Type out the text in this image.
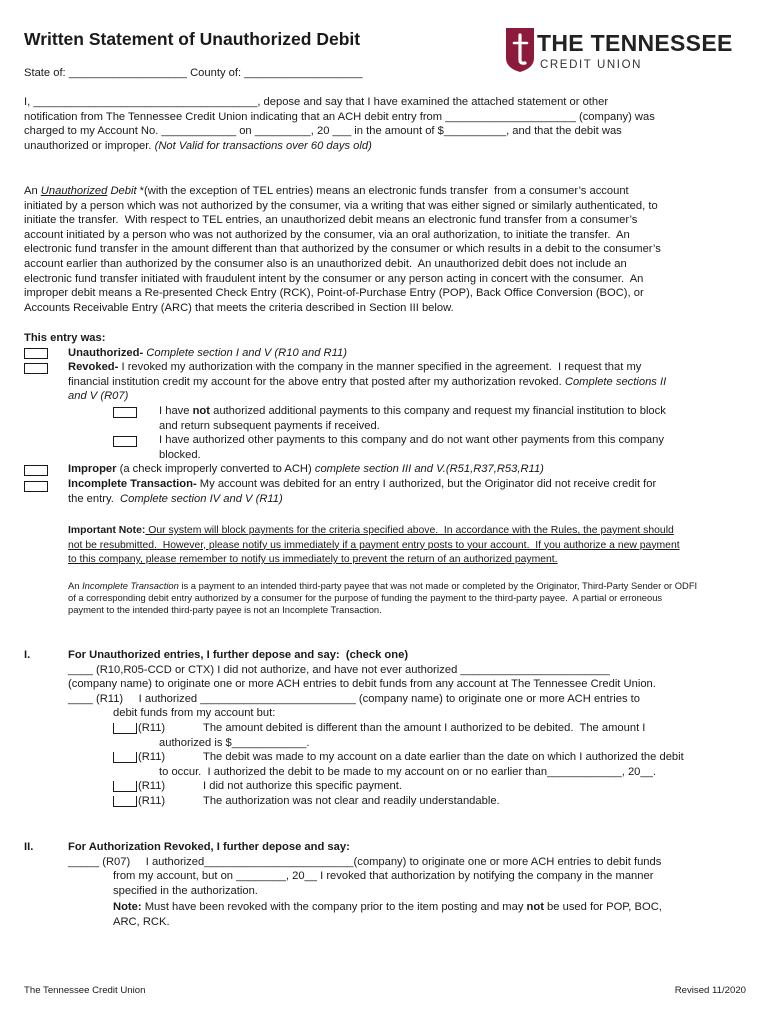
Written Statement of Unauthorized Debit	THE TENNESSEE
CREDIT UNION
State of: ___________________ County of: ___________________
I, ____________________________________, depose and say that I have examined the attached statement or other
notification from The Tennessee Credit Union indicating that an ACH debit entry from _____________________ (company) was
charged to my Account No. ____________ on _________, 20 ___ in the amount of $__________, and that the debit was
unauthorized or improper. (Not Valid for transactions over 60 days old)
An Unauthorized Debit *(with the exception of TEL entries) means an electronic funds transfer  from a consumer’s account
initiated by a person which was not authorized by the consumer, via a writing that was either signed or similarly authenticated, to
initiate the transfer.  With respect to TEL entries, an unauthorized debit means an electronic fund transfer from a consumer’s
account initiated by a person who was not authorized by the consumer, via an oral authorization, to initiate the transfer.  An
electronic fund transfer in the amount different than that authorized by the consumer or which results in a debit to the consumer’s
account earlier than authorized by the consumer also is an unauthorized debit.  An unauthorized debit does not include an
electronic fund transfer initiated with fraudulent intent by the consumer or any person acting in concert with the consumer.  An
improper debit means a Re-presented Check Entry (RCK), Point-of-Purchase Entry (POP), Back Office Conversion (BOC), or
Accounts Receivable Entry (ARC) that meets the criteria described in Section III below.
This entry was:
Unauthorized- Complete section I and V (R10 and R11)
Revoked- I revoked my authorization with the company in the manner specified in the agreement.  I request that my
financial institution credit my account for the above entry that posted after my authorization revoked. Complete sections II
and V (R07)
I have not authorized additional payments to this company and request my financial institution to block
and return subsequent payments if received.
I have authorized other payments to this company and do not want other payments from this company
blocked.
Improper (a check improperly converted to ACH) complete section III and V.(R51,R37,R53,R11)
Incomplete Transaction- My account was debited for an entry I authorized, but the Originator did not receive credit for
the entry.  Complete section IV and V (R11)
Important Note: Our system will block payments for the criteria specified above.  In accordance with the Rules, the payment should
not be resubmitted.  However, please notify us immediately if a payment entry posts to your account.  If you authorize a new payment
to this company, please remember to notify us immediately to prevent the return of an authorized payment.
An Incomplete Transaction is a payment to an intended third-party payee that was not made or completed by the Originator, Third-Party Sender or ODFI
of a corresponding debit entry authorized by a consumer for the purpose of funding the payment to the third-party payee.  A partial or erroneous
payment to the intended third-party payee is not an Incomplete Transaction.
I.	For Unauthorized entries, I further depose and say:  (check one)
____ (R10,R05-CCD or CTX) I did not authorize, and have not ever authorized ________________________
(company name) to originate one or more ACH entries to debit funds from any account at The Tennessee Credit Union.
____ (R11)     I authorized _________________________ (company name) to originate one or more ACH entries to
debit funds from my account but:
(R11)	The amount debited is different than the amount I authorized to be debited.  The amount I
authorized is $____________.
(R11)	The debit was made to my account on a date earlier than the date on which I authorized the debit
to occur.  I authorized the debit to be made to my account on or no earlier than____________, 20__.
(R11)	I did not authorize this specific payment.
(R11)	The authorization was not clear and readily understandable.
II.	For Authorization Revoked, I further depose and say:
_____ (R07)     I authorized________________________(company) to originate one or more ACH entries to debit funds
from my account, but on ________, 20__ I revoked that authorization by notifying the company in the manner
specified in the authorization.
Note: Must have been revoked with the company prior to the item posting and may not be used for POP, BOC,
ARC, RCK.
The Tennessee Credit Union	Revised 11/2020
